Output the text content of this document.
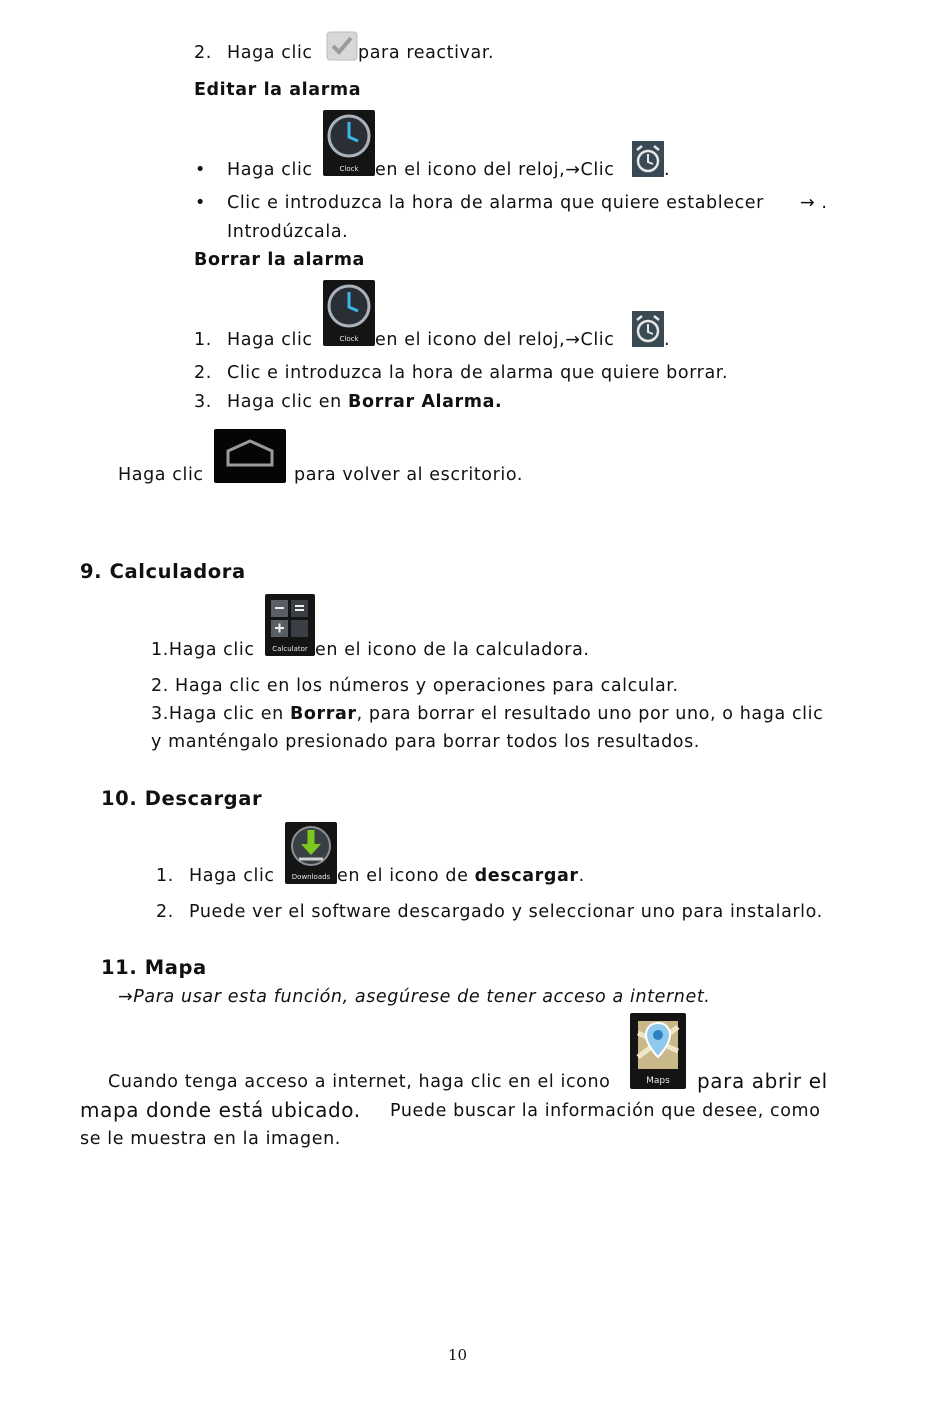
2. Haga clic	para reactivar.
Editar la alarma
• Haga clic	Clock en el icono del reloj,→Clic	.
• Clic e introduzca la hora de alarma que quiere establecer → .
Introdúzcala.
Borrar la alarma
1. Haga clic	Clock en el icono del reloj,→Clic	.
2. Clic e introduzca la hora de alarma que quiere borrar.
3. Haga clic en Borrar Alarma.
Haga clic	para volver al escritorio.
9. Calculadora
1.Haga clic	Calculator en el icono de la calculadora.
2. Haga clic en los números y operaciones para calcular.
3.Haga clic en Borrar, para borrar el resultado uno por uno, o haga clic
y manténgalo presionado para borrar todos los resultados.
10. Descargar
1. Haga clic	Downloads en el icono de descargar.
2. Puede ver el software descargado y seleccionar uno para instalarlo.
11. Mapa
→Para usar esta función, asegúrese de tener acceso a internet.
Cuando tenga acceso a internet, haga clic en el icono	Maps	para abrir el
mapa donde está ubicado. Puede buscar la información que desee, como
se le muestra en la imagen.
10
